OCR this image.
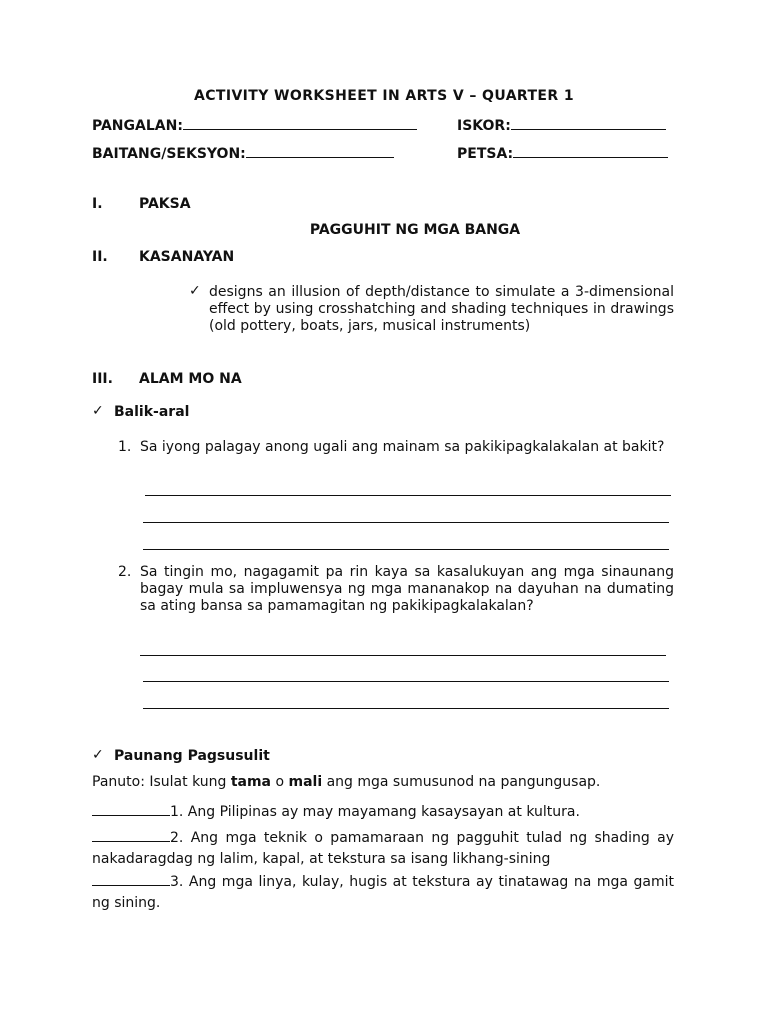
ACTIVITY WORKSHEET IN ARTS V – QUARTER 1
PANGALAN:	ISKOR:
BAITANG/SEKSYON:	PETSA:
I.	PAKSA
PAGGUHIT NG MGA BANGA
II. KASANAYAN
✓ designs an illusion of depth/distance to simulate a 3-dimensional effect by using crosshatching and shading techniques in drawings (old pottery, boats, jars, musical instruments)
III. ALAM MO NA
✓ Balik-aral
1. Sa iyong palagay anong ugali ang mainam sa pakikipagkalakalan at bakit?
2. Sa tingin mo, nagagamit pa rin kaya sa kasalukuyan ang mga sinaunang bagay mula sa impluwensya ng mga mananakop na dayuhan na dumating sa ating bansa sa pamamagitan ng pakikipagkalakalan?
✓ Paunang Pagsusulit
Panuto: Isulat kung tama o mali ang mga sumusunod na pangungusap.
1. Ang Pilipinas ay may mayamang kasaysayan at kultura.
2. Ang mga teknik o pamamaraan ng pagguhit tulad ng shading ay nakadaragdag ng lalim, kapal, at tekstura sa isang likhang-sining
3. Ang mga linya, kulay, hugis at tekstura ay tinatawag na mga gamit ng sining.
